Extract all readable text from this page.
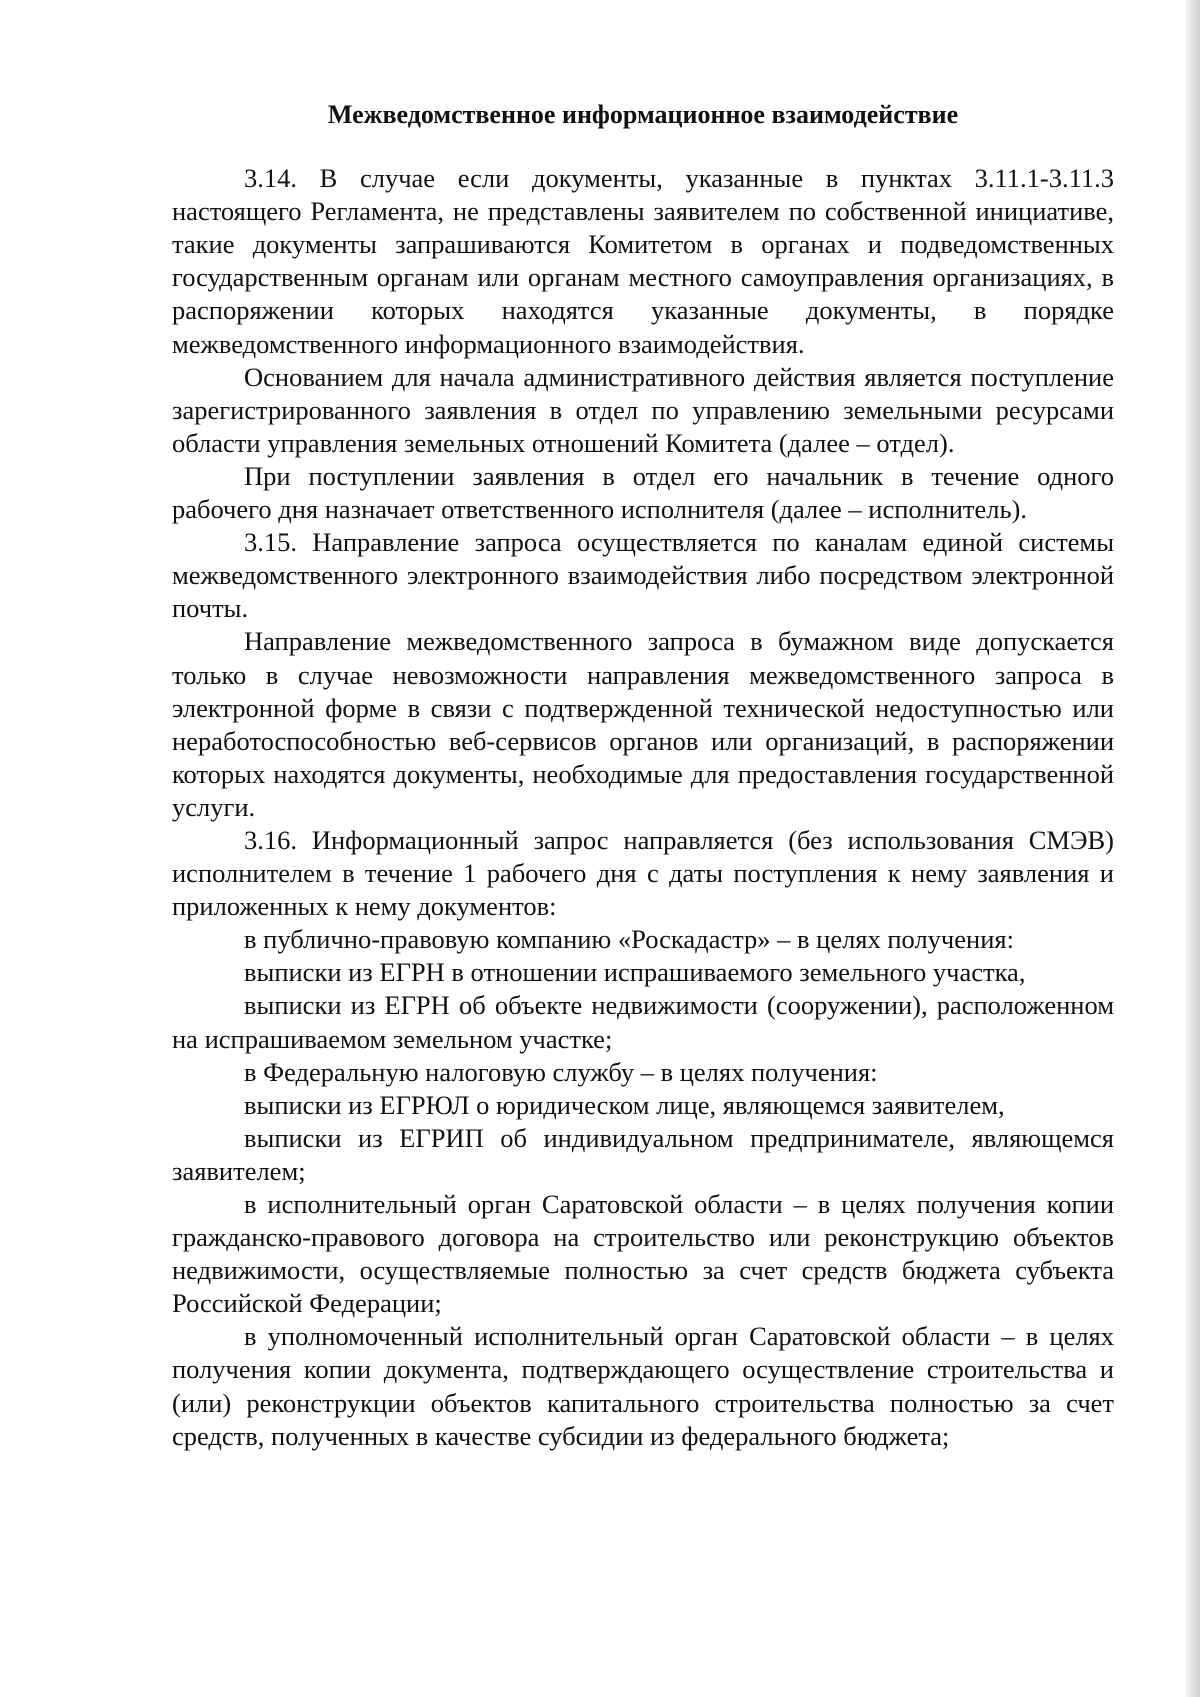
Межведомственное информационное взаимодействие

3.14. В случае если документы, указанные в пунктах 3.11.1-3.11.3 настоящего Регламента, не представлены заявителем по собственной инициативе, такие документы запрашиваются Комитетом в органах и подведомственных государственным органам или органам местного самоуправления организациях, в распоряжении которых находятся указанные документы, в порядке межведомственного информационного взаимодействия.

Основанием для начала административного действия является поступление зарегистрированного заявления в отдел по управлению земельными ресурсами области управления земельных отношений Комитета (далее – отдел).

При поступлении заявления в отдел его начальник в течение одного рабочего дня назначает ответственного исполнителя (далее – исполнитель).

3.15. Направление запроса осуществляется по каналам единой системы межведомственного электронного взаимодействия либо посредством электронной почты.

Направление межведомственного запроса в бумажном виде допускается только в случае невозможности направления межведомственного запроса в электронной форме в связи с подтвержденной технической недоступностью или неработоспособностью веб-сервисов органов или организаций, в распоряжении которых находятся документы, необходимые для предоставления государственной услуги.

3.16. Информационный запрос направляется (без использования СМЭВ) исполнителем в течение 1 рабочего дня с даты поступления к нему заявления и приложенных к нему документов:

в публично-правовую компанию «Роскадастр» – в целях получения:

выписки из ЕГРН в отношении испрашиваемого земельного участка,

выписки из ЕГРН об объекте недвижимости (сооружении), расположенном на испрашиваемом земельном участке;

в Федеральную налоговую службу – в целях получения:

выписки из ЕГРЮЛ о юридическом лице, являющемся заявителем,

выписки из ЕГРИП об индивидуальном предпринимателе, являющемся заявителем;

в исполнительный орган Саратовской области – в целях получения копии гражданско-правового договора на строительство или реконструкцию объектов недвижимости, осуществляемые полностью за счет средств бюджета субъекта Российской Федерации;

в уполномоченный исполнительный орган Саратовской области – в целях получения копии документа, подтверждающего осуществление строительства и (или) реконструкции объектов капитального строительства полностью за счет средств, полученных в качестве субсидии из федерального бюджета;
